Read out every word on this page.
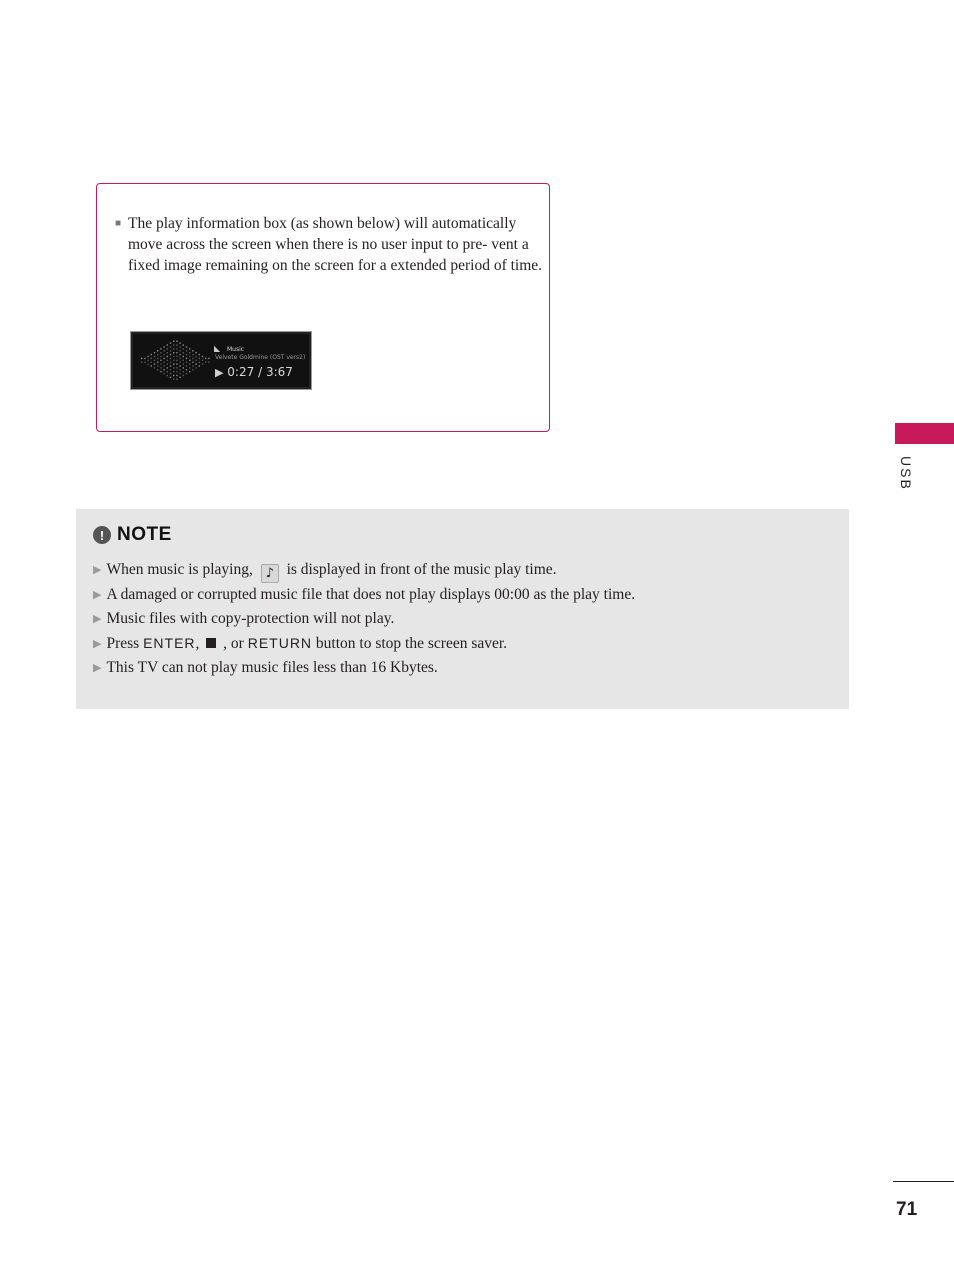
■ The play information box (as shown below) will automatically move across the screen when there is no user input to pre- vent a fixed image remaining on the screen for a extended period of time.
◣ Music
Velvete Goldmine (OST vers2)
▶ 0:27 / 3:67
USB
! NOTE
▶ When music is playing, ♪ is displayed in front of the music play time.
▶ A damaged or corrupted music file that does not play displays 00:00 as the play time.
▶ Music files with copy-protection will not play.
▶ Press ENTER,  , or RETURN button to stop the screen saver.
▶ This TV can not play music files less than 16 Kbytes.
71
